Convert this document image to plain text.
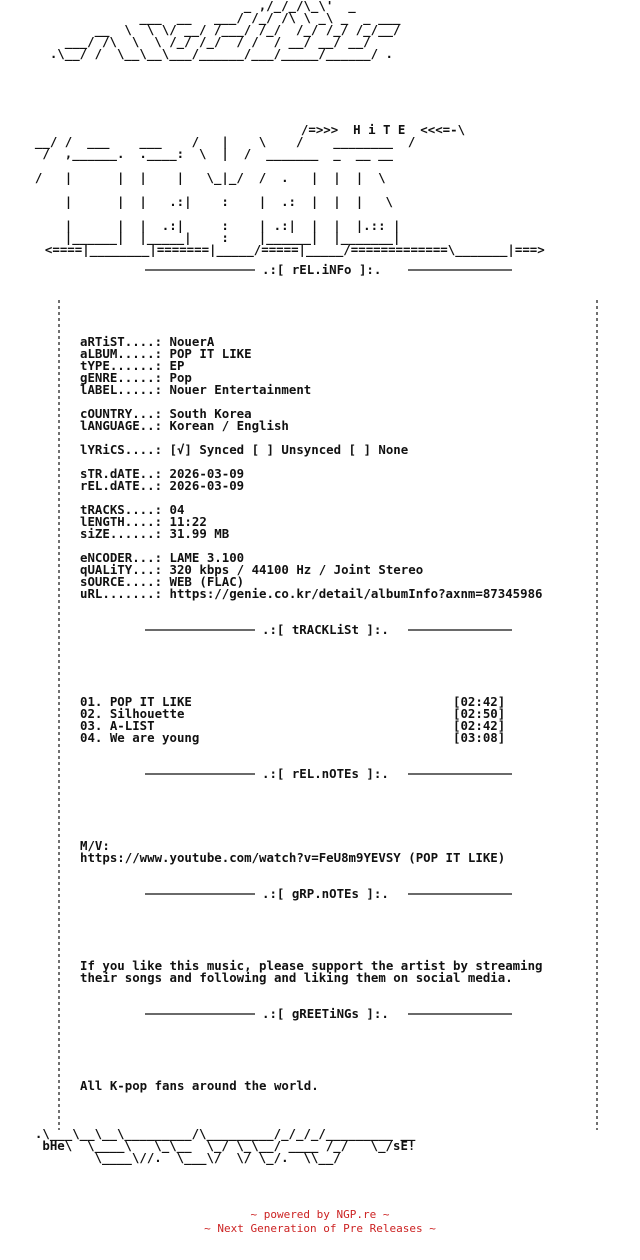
_ ,/_/_/\_\'  _
___  __   ___/ /_/ /\ \ _\ _  _ ___
__  \  \ \/ __/ /___/ /_/  /_/ /_/ /_/__/
___/ /\  \  \ /_/ /_/  / /  / __/ __/ __/
.\__/ /  \__\__\___/______/___/_____/______/ .
/=>>>  H i T E  <<<=-\
__/ /  ___    ___    /   |    \    /    ________  /
/  ,______.  .____:  \  |  /  _______  _  __ __
/   |      |  |    |   \_|_/  /  .   |  |  |  \
|      |  |   .:|    :    |  .:  |  |  |   \
|      |  |  .:|     :    | .:|  |  |  |.:: |
|______|  |_____|    :    |______|  |_______|
<====|________|=======|_____/=====|_____/=============\_______|===>
.:[ rEL.iNFo ]:.
aRTiST....: NouerA
aLBUM.....: POP IT LIKE
tYPE......: EP
gENRE.....: Pop
lABEL.....: Nouer Entertainment
cOUNTRY...: South Korea
lANGUAGE..: Korean / English
lYRiCS....: [√] Synced [ ] Unsynced [ ] None
sTR.dATE..: 2026-03-09
rEL.dATE..: 2026-03-09
tRACKS....: 04
lENGTH....: 11:22
siZE......: 31.99 MB
eNCODER...: LAME 3.100
qUALiTY...: 320 kbps / 44100 Hz / Joint Stereo
sOURCE....: WEB (FLAC)
uRL.......: https://genie.co.kr/detail/albumInfo?axnm=87345986
.:[ tRACKLiSt ]:.
01. POP IT LIKE                                   [02:42]
02. Silhouette                                    [02:50]
03. A-LIST                                        [02:42]
04. We are young                                  [03:08]
.:[ rEL.nOTEs ]:.
M/V:
https://www.youtube.com/watch?v=FeU8m9YEVSY (POP IT LIKE)
.:[ gRP.nOTEs ]:.
If you like this music, please support the artist by streaming
their songs and following and liking them on social media.
.:[ gREETiNGs ]:.
All K-pop fans around the world.
.\___\__\__\_________/\_________/_/_/_/_________ __
bHe\  \____\   \_\__  \_/ \_\__/ ____ /_/   \_/sE!
\____\//.  \___\/  \/ \_/.  \\__/
~ powered by NGP.re ~
~ Next Generation of Pre Releases ~
